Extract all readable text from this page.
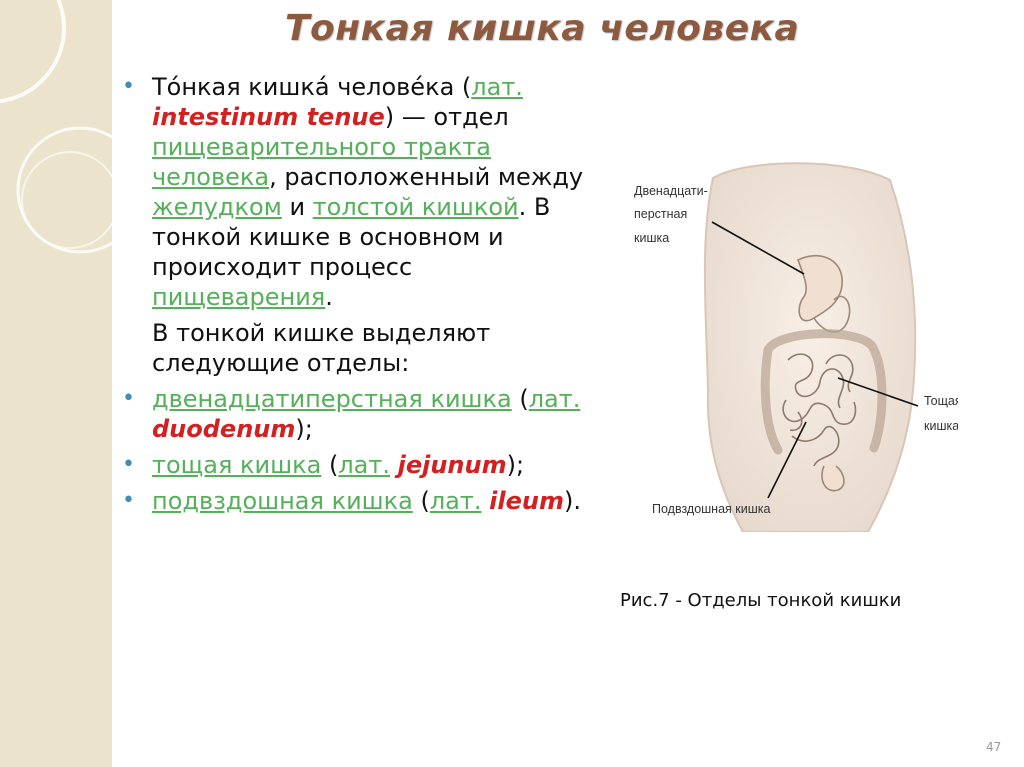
Тонкая кишка человека
• То́нкая кишка́ челове́ка (лат. intestinum tenue) — отдел пищеварительного тракта человека, расположенный между желудком и толстой кишкой. В тонкой кишке в основном и происходит процесс пищеварения.
В тонкой кишке выделяют следующие отделы:
• двенадцатиперстная кишка (лат. duodenum);
• тощая кишка (лат. jejunum);
• подвздошная кишка (лат. ileum).
Двенадцати-
перстная
кишка
Тощая
кишка
Подвздошная кишка
Рис.7 - Отделы тонкой кишки
47
